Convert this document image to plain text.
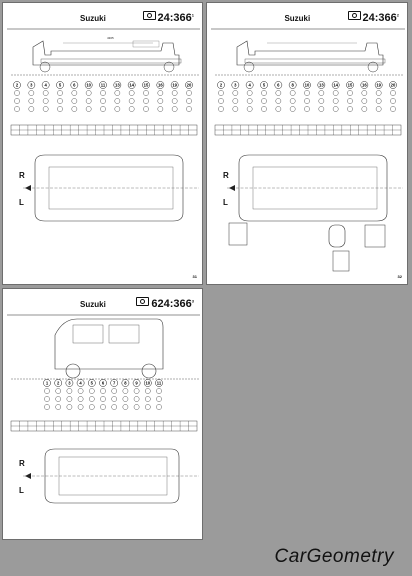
Suzuki	$24:366^1$
4305
2	3	4	5	6	10 11 13 14 15 16 19 20
R
L
31
Suzuki	$24:366^2$
2	3	4	5	6	8	10 13 14 15 16 19 20
R
L
32
Suzuki	$624:366^3$
1 2 3 4 5 6 7 8 9 10 11
R
L
CarGeometry
